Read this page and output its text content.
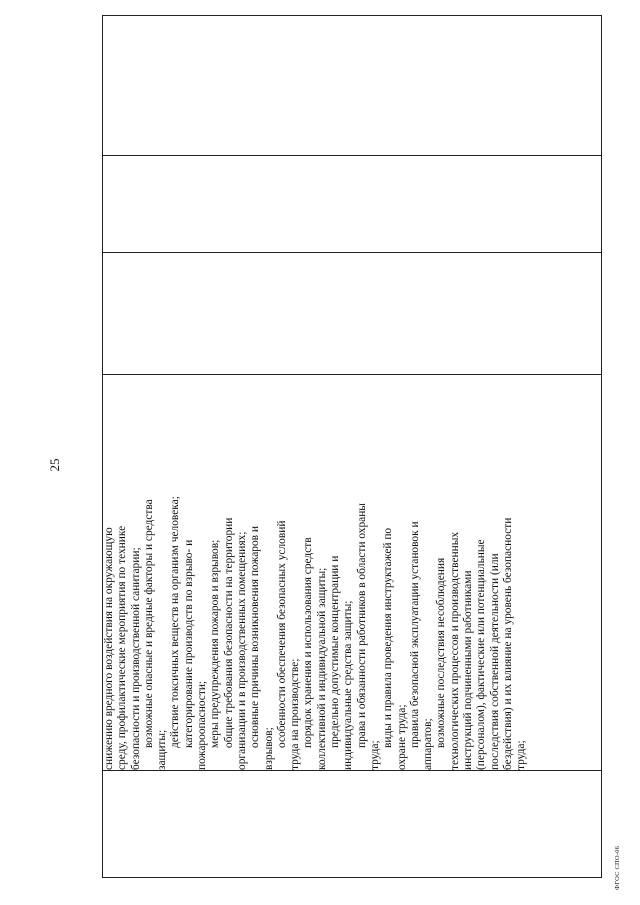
25

снижению вредного воздействия на окружающую среду, профилактические мероприятия по технике безопасности и производственной санитарии; возможные опасные и вредные факторы и средства
защиты;
действие токсичных веществ на организм человека; категорирование производств по взрыво- и пожароопасности; меры предупреждения пожаров и взрывов; общие требования безопасности на территории организации и в производственных помещениях; основные причины возникновения пожаров и
взрывов;
особенности обеспечения безопасных условий труда на производстве; порядок хранения и использования средств коллективной и индивидуальной защиты; предельно допустимые концентрации и индивидуальные средства защиты; права и обязанности работников в области охраны
труда;
виды и правила проведения инструктажей по охране труда; правила безопасной эксплуатации установок и аппаратов; возможные последствия несоблюдения технологических процессов и производственных инструкций подчиненными работниками (персоналом), фактические или потенциальные последствия собственной деятельности (или бездействия) и их влияние на уровень безопасности труда;

ФГОС СПО-06
